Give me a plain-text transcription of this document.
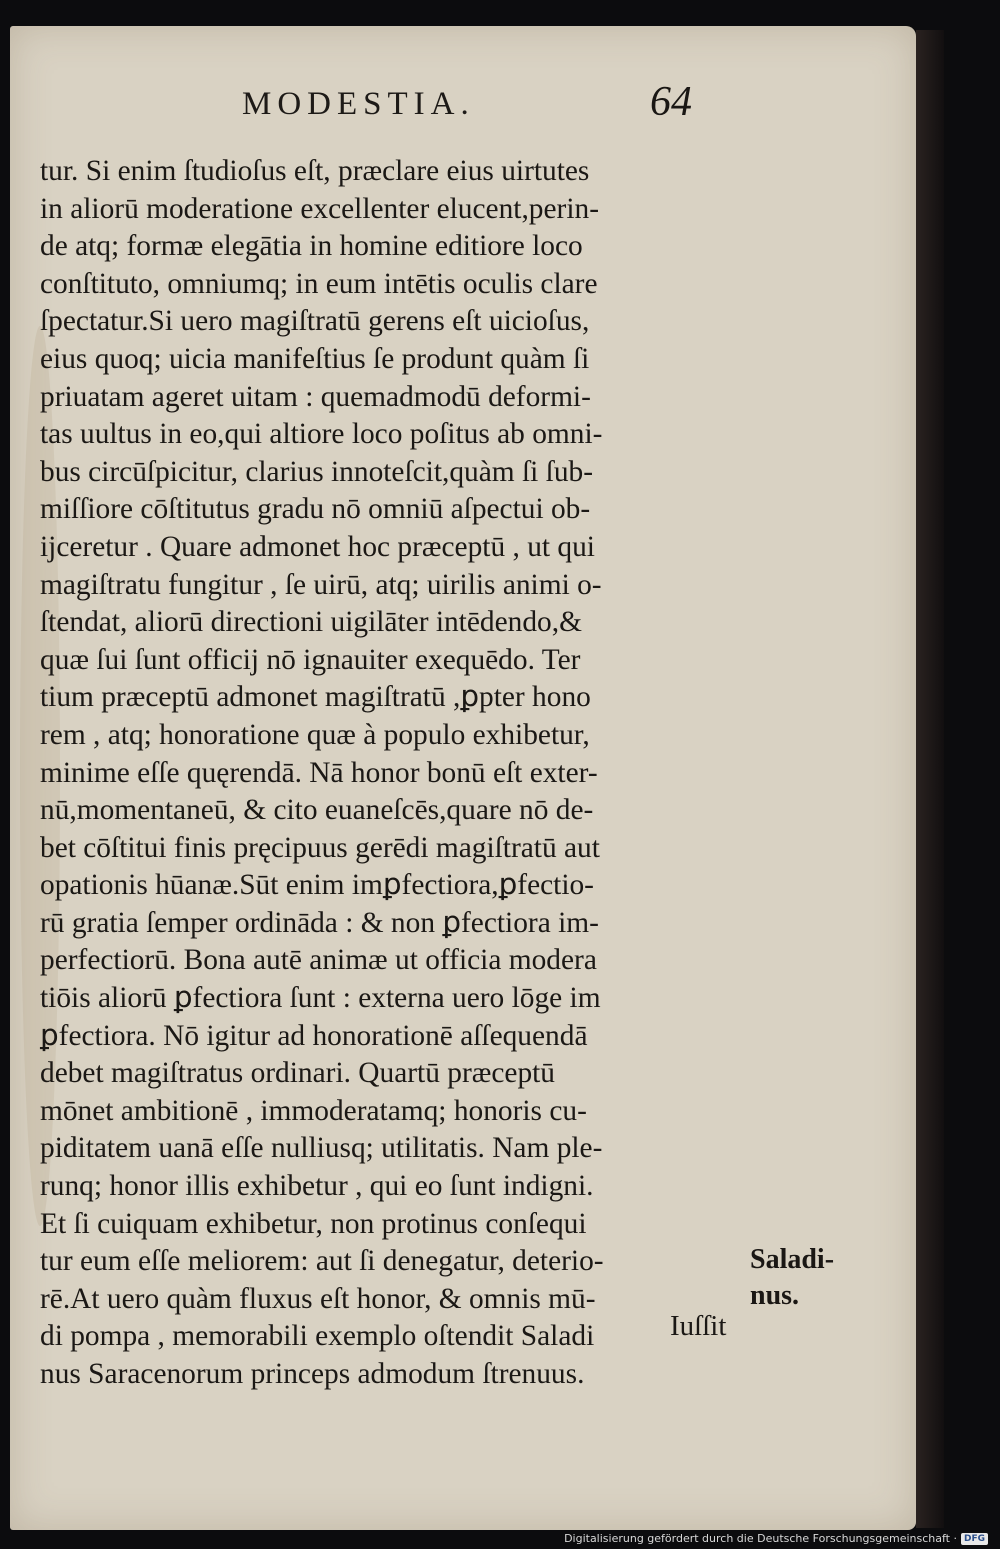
MODESTIA.	64
tur. Si enim ſtudioſus eſt, præclare eius uirtutes
in aliorū moderatione excellenter elucent,perin-
de atq; formæ elegātia in homine editiore loco
conſtituto, omniumq; in eum intētis oculis clare
ſpectatur.Si uero magiſtratū gerens eſt uicioſus,
eius quoq; uicia manifeſtius ſe produnt quàm ſi
priuatam ageret uitam : quemadmodū deformi-
tas uultus in eo,qui altiore loco poſitus ab omni-
bus circūſpicitur, clarius innoteſcit,quàm ſi ſub-
miſſiore cōſtitutus gradu nō omniū aſpectui ob-
ijceretur . Quare admonet hoc præceptū , ut qui
magiſtratu fungitur , ſe uirū, atq; uirilis animi o-
ſtendat, aliorū directioni uigilāter intēdendo,&
quæ ſui ſunt officij nō ignauiter exequēdo. Ter
tium præceptū admonet magiſtratū ,ꝑpter hono
rem , atq; honoratione quæ à populo exhibetur,
minime eſſe quęrendā. Nā honor bonū eſt exter-
nū,momentaneū, & cito euaneſcēs,quare nō de-
bet cōſtitui finis pręcipuus gerēdi magiſtratū aut
opationis hūanæ.Sūt enim imꝑfectiora,ꝑfectio-
rū gratia ſemper ordināda : & non ꝑfectiora im-
perfectiorū. Bona autē animæ ut officia modera
tiōis aliorū ꝑfectiora ſunt : externa uero lōge im
ꝑfectiora. Nō igitur ad honorationē aſſequendā
debet magiſtratus ordinari. Quartū præceptū
mōnet ambitionē , immoderatamq; honoris cu-
piditatem uanā eſſe nulliusq; utilitatis. Nam ple-
runq; honor illis exhibetur , qui eo ſunt indigni.
Et ſi cuiquam exhibetur, non protinus conſequi
tur eum eſſe meliorem: aut ſi denegatur, deterio-
rē.At uero quàm fluxus eſt honor, & omnis mū-
di pompa , memorabili exemplo oſtendit Saladi
nus Saracenorum princeps admodum ſtrenuus.
Saladi-
nus.
Iuſſit
Digitalisierung gefördert durch die Deutsche Forschungsgemeinschaft · DFG
